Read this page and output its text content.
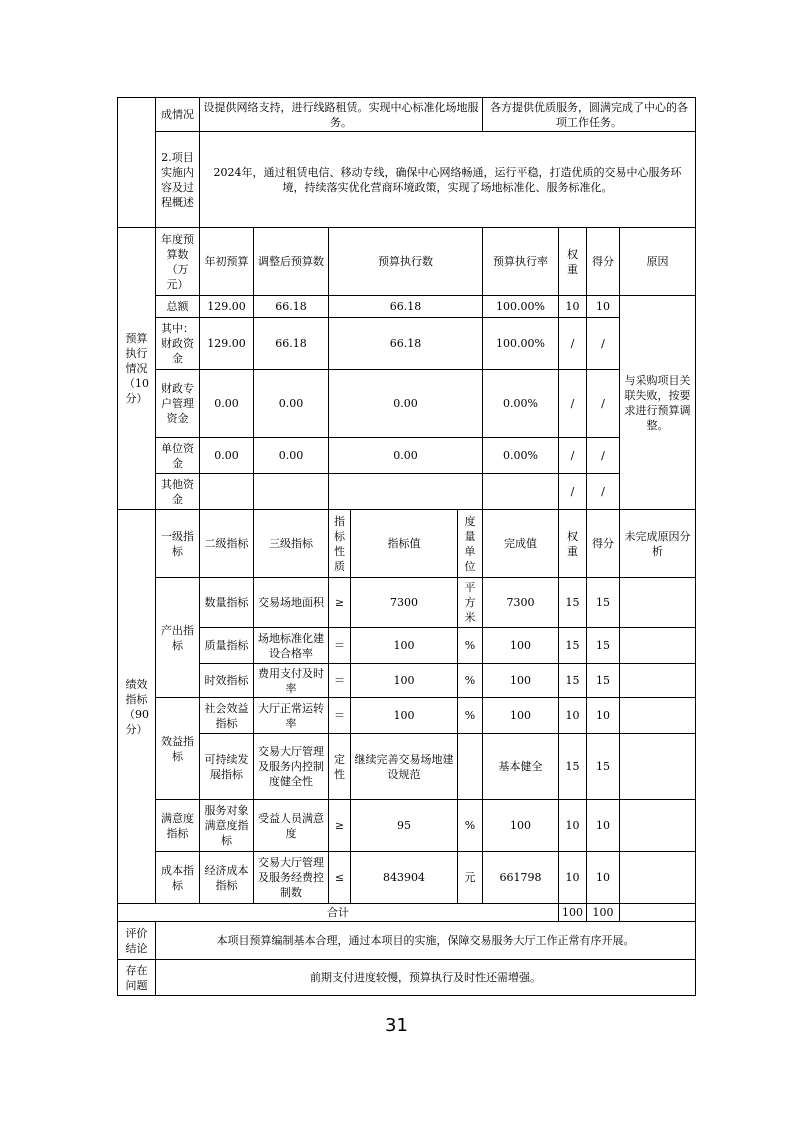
	成情况	设提供网络支持，进行线路租赁。实现中心标准化场地服务。					各方提供优质服务，圆满完成了中心的各项工作任务。			
	2.项目实施内容及过程概述	2024年，通过租赁电信、移动专线，确保中心网络畅通，运行平稳，打造优质的交易中心服务环境，持续落实优化营商环境政策，实现了场地标准化、服务标准化。								
预算执行情况（10分）	年度预算数（万元）	年初预算	调整后预算数	预算执行数			预算执行率	权重	得分	原因
	总额	129.00	66.18	66.18			100.00%	10	10	与采购项目关联失败，按要求进行预算调整。
	其中：财政资金	129.00	66.18	66.18			100.00%	/	/	
	财政专户管理资金	0.00	0.00	0.00			0.00%	/	/	
	单位资金	0.00	0.00	0.00			0.00%	/	/	
	其他资金							/	/	
绩效指标（90分）	一级指标	二级指标	三级指标	指标性质	指标值	度量单位	完成值	权重	得分	未完成原因分析
	产出指标	数量指标	交易场地面积	≥	7300	平方米	7300	15	15	
		质量指标	场地标准化建设合格率	＝	100	%	100	15	15	
		时效指标	费用支付及时率	＝	100	%	100	15	15	
	效益指标	社会效益指标	大厅正常运转率	＝	100	%	100	10	10	
		可持续发展指标	交易大厅管理及服务内控制度健全性	定性	继续完善交易场地建设规范		基本健全	15	15	
	满意度指标	服务对象满意度指标	受益人员满意度	≥	95	%	100	10	10	
	成本指标	经济成本指标	交易大厅管理及服务经费控制数	≤	843904	元	661798	10	10	
合计								100	100	
评价结论	本项目预算编制基本合理，通过本项目的实施，保障交易服务大厅工作正常有序开展。									
存在问题	前期支付进度较慢，预算执行及时性还需增强。									
31
